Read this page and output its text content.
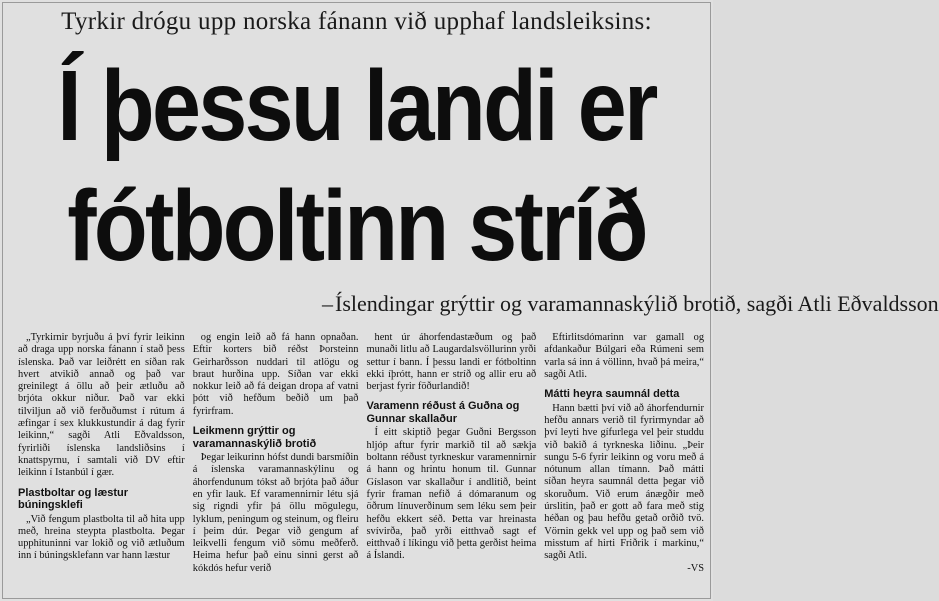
Tyrkir drógu upp norska fánann við upphaf landsleiksins:
Í þessu landi er
fótboltinn stríð
–Íslendingar grýttir og varamannaskýlið brotið, sagði Atli Eðvaldsson

„Tyrkirnir byrjuðu á því fyrir leikinn að draga upp norska fánann í stað þess íslenska. Það var leiðrétt en síðan rak hvert atvikið annað og það var greinilegt á öllu að þeir ætluðu að brjóta okkur niður. Það var ekki tilviljun að við ferðuðumst í rútum á æfingar í sex klukkustundir á dag fyrir leikinn,“ sagði Atli Eðvaldsson, fyrirliði íslenska landsliðsins í knattspyrnu, í samtali við DV eftir leikinn í Istanbúl í gær.

Plastboltar og læstur búningsklefi

„Við fengum plastbolta til að hita upp með, hreina steypta plastbolta. Þegar upphituninni var lokið og við ætluðum inn í búningsklefann var hann læstur

og engin leið að fá hann opnaðan. Eftir korters bið réðst Þorsteinn Geirharðsson nuddari til atlögu og braut hurðina upp. Síðan var ekki nokkur leið að fá deigan dropa af vatni þótt við hefðum beðið um það fyrirfram.

Leikmenn grýttir og varamannaskýlið brotið

Þegar leikurinn hófst dundi barsmíðin á íslenska varamannaskýlinu og áhorfendunum tókst að brjóta það áður en yfir lauk. Ef varamennirnir létu sjá sig rigndi yfir þá öllu mögulegu, lyklum, peningum og steinum, og fleiru í þeim dúr. Þegar við gengum af leikvelli fengum við sömu meðferð. Heima hefur það einu sinni gerst að kókdós hefur verið

hent úr áhorfendastæðum og það munaði litlu að Laugardalsvöllurinn yrði settur í bann. Í þessu landi er fótboltinn ekki íþrótt, hann er stríð og allir eru að berjast fyrir föðurlandið!

Varamenn réðust á Guðna og Gunnar skallaður

Í eitt skiptið þegar Guðni Bergsson hljóp aftur fyrir markið til að sækja boltann réðust tyrkneskur varamennirnir á hann og hrintu honum til. Gunnar Gíslason var skallaður í andlitið, beint fyrir framan nefið á dómaranum og öðrum línuverðinum sem léku sem þeir hefðu ekkert séð. Þetta var hreinasta svívirða, það yrði eitthvað sagt ef eitthvað í líkingu við þetta gerðist heima á Íslandi.

Eftirlitsdómarinn var gamall og afdankaður Búlgari eða Rúmeni sem varla sá inn á völlinn, hvað þá meira,“ sagði Atli.

Mátti heyra saumnál detta

Hann bætti því við að áhorfendurnir hefðu annars verið til fyrirmyndar að því leyti hve gífurlega vel þeir studdu við bakið á tyrkneska liðinu. „Þeir sungu 5-6 fyrir leikinn og voru með á nótunum allan tímann. Það mátti síðan heyra saumnál detta þegar við skoruðum. Við erum ánægðir með úrslitin, það er gott að fara með stig héðan og þau hefðu getað orðið tvö. Vörnin gekk vel upp og það sem við misstum af hirti Friðrik í markinu,“ sagði Atli.

-VS
